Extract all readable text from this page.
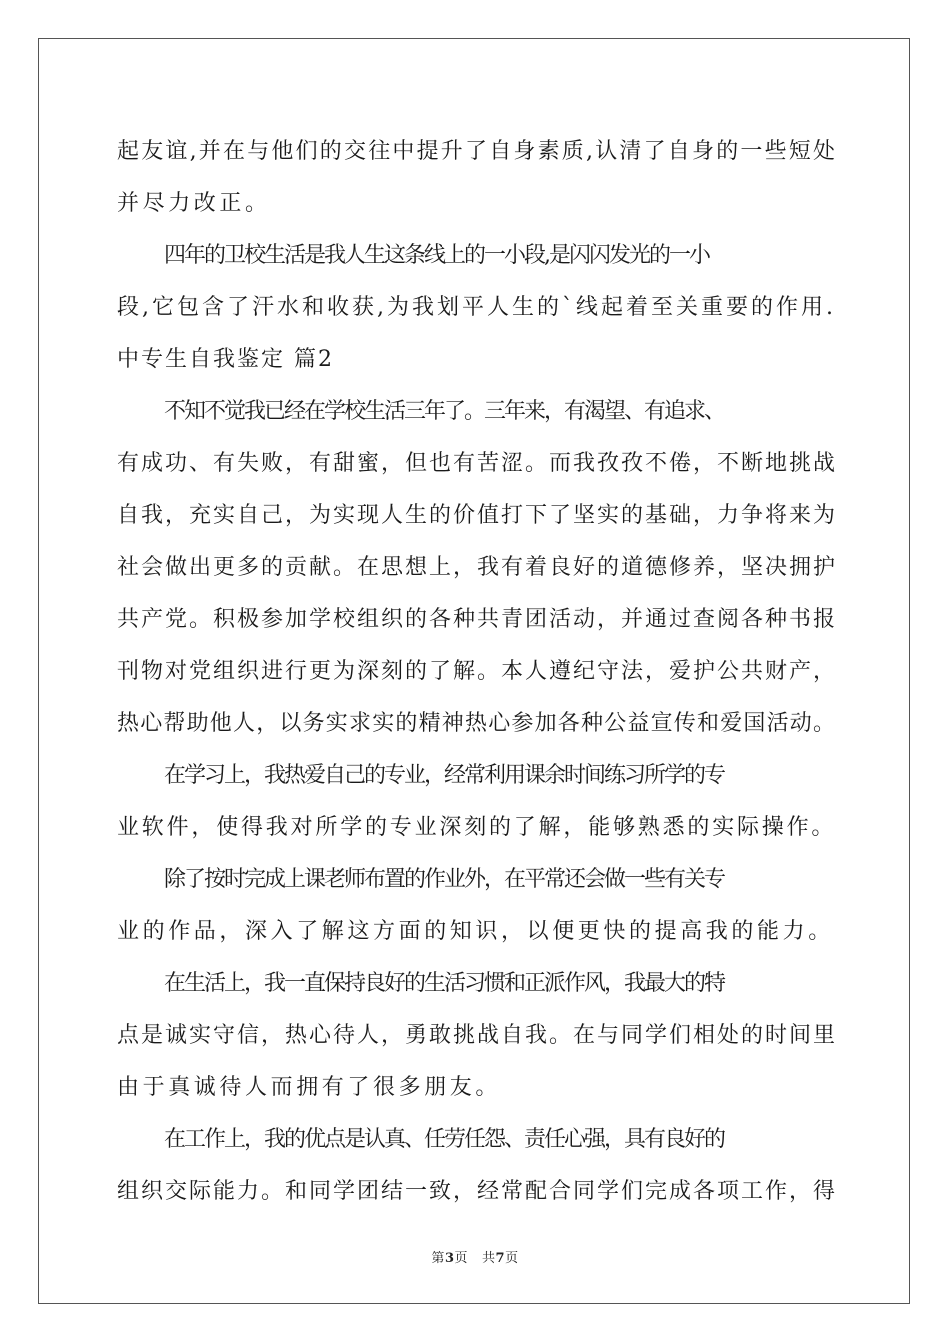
起友谊,并在与他们的交往中提升了自身素质,认清了自身的一些短处
并尽力改正。
四年的卫校生活是我人生这条线上的一小段,是闪闪发光的一小
段,它包含了汗水和收获,为我划平人生的`线起着至关重要的作用.
中专生自我鉴定 篇2
不知不觉我已经在学校生活三年了。三年来，有渴望、有追求、
有成功、有失败，有甜蜜，但也有苦涩。而我孜孜不倦，不断地挑战
自我，充实自己，为实现人生的价值打下了坚实的基础，力争将来为
社会做出更多的贡献。在思想上，我有着良好的道德修养，坚决拥护
共产党。积极参加学校组织的各种共青团活动，并通过查阅各种书报
刊物对党组织进行更为深刻的了解。本人遵纪守法，爱护公共财产，
热心帮助他人，以务实求实的精神热心参加各种公益宣传和爱国活动。
在学习上，我热爱自己的专业，经常利用课余时间练习所学的专
业软件，使得我对所学的专业深刻的了解，能够熟悉的实际操作。
除了按时完成上课老师布置的作业外，在平常还会做一些有关专
业的作品，深入了解这方面的知识，以便更快的提高我的能力。
在生活上，我一直保持良好的生活习惯和正派作风，我最大的特
点是诚实守信，热心待人，勇敢挑战自我。在与同学们相处的时间里
由于真诚待人而拥有了很多朋友。
在工作上，我的优点是认真、任劳任怨、责任心强，具有良好的
组织交际能力。和同学团结一致，经常配合同学们完成各项工作，得
第3页 共7页
